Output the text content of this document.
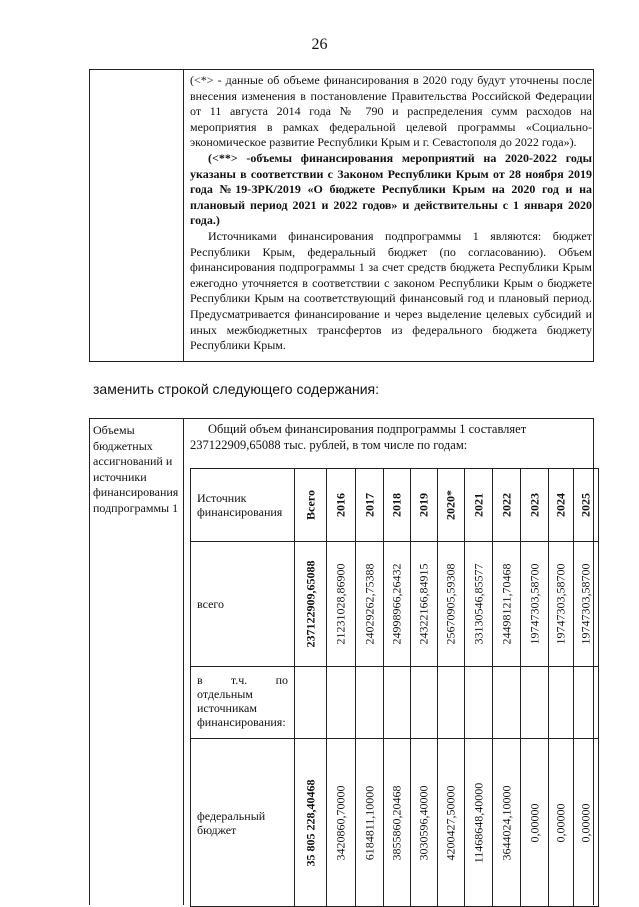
26

(<*> - данные об объеме финансирования в 2020 году будут уточнены после внесения изменения в постановление Правительства Российской Федерации от 11 августа 2014 года № 790 и распределения сумм расходов на мероприятия в рамках федеральной целевой программы «Социально-экономическое развитие Республики Крым и г. Севастополя до 2022 года»).

(<**> -объемы финансирования мероприятий на 2020-2022 годы указаны в соответствии с Законом Республики Крым от 28 ноября 2019 года №19-ЗРК/2019 «О бюджете Республики Крым на 2020 год и на плановый период 2021 и 2022 годов» и действительны с 1 января 2020 года.)

Источниками финансирования подпрограммы 1 являются: бюджет Республики Крым, федеральный бюджет (по согласованию). Объем финансирования подпрограммы 1 за счет средств бюджета Республики Крым ежегодно уточняется в соответствии с законом Республики Крым о бюджете Республики Крым на соответствующий финансовый год и плановый период. Предусматривается финансирование и через выделение целевых субсидий и иных межбюджетных трансфертов из федерального бюджета бюджету Республики Крым.

заменить строкой следующего содержания:
Объемы бюджетных ассигнований и источники финансирования подпрограммы 1
Общий объем финансирования подпрограммы 1 составляет
237122909,65088 тыс. рублей, в том числе по годам:
Источник финансирования	Всего	2016	2017	2018	2019	2020*	2021	2022	2023	2024	2025

всего	237122909,65088	21231028,86900	24029262,75388	24998966,26432	24322166,84915	25670905,59308	33130546,85577	24498121,70468	19747303,58700	19747303,58700	19747303,58700

в т.ч. по отдельным источникам финансирования:											
федеральный бюджет	35 805 228,40468	3420860,70000	6184811,10000	3855860,20468	3030596,40000	4200427,50000	11468648,40000	3644024,10000	0,00000	0,00000	0,00000
